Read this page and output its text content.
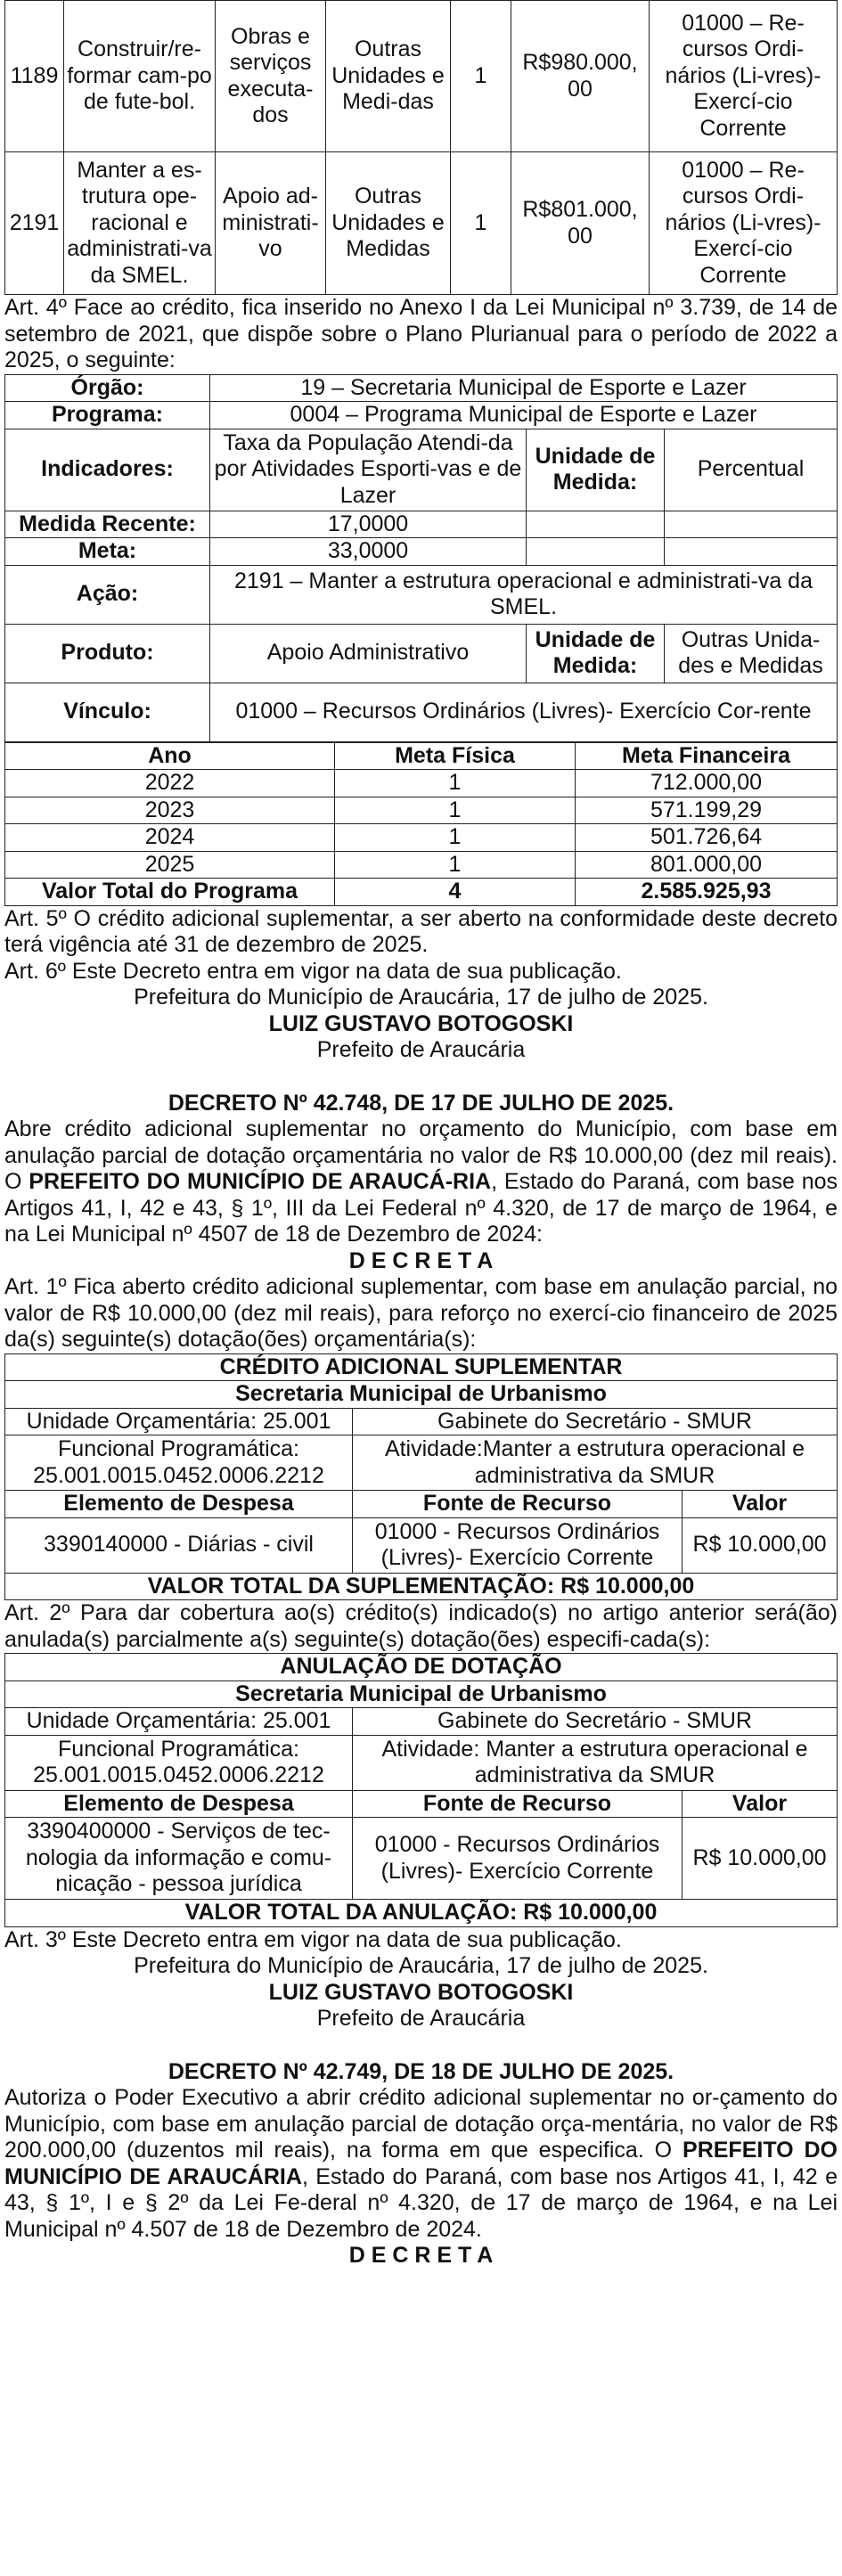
1189	Construir/re-formar cam-po de fute-bol.	Obras e serviços executa-dos	Outras Unidades e Medi-das	1	R$980.000, 00	01000 – Re-cursos Ordi-nários (Li-vres)-Exercí-cio Corrente
2191	Manter a es-trutura ope-racional e administrati-va da SMEL.	Apoio ad-ministrati-vo	Outras Unidades e Medidas	1	R$801.000, 00	01000 – Re-cursos Ordi-nários (Li-vres)-Exercí-cio Corrente

Art. 4º Face ao crédito, fica inserido no Anexo I da Lei Municipal nº 3.739, de 14 de setembro de 2021, que dispõe sobre o Plano Plurianual para o período de 2022 a 2025, o seguinte:

Órgão:	19 – Secretaria Municipal de Esporte e Lazer		
Programa:	0004 – Programa Municipal de Esporte e Lazer		
Indicadores:	Taxa da População Atendi-da por Atividades Esporti-vas e de Lazer	Unidade de Medida:	Percentual
Medida Recente:	17,0000		
Meta:	33,0000		
Ação:	2191 – Manter a estrutura operacional e administrati-va da SMEL.		
Produto:	Apoio Administrativo	Unidade de Medida:	Outras Unida-des e Medidas
Vínculo:	01000 – Recursos Ordinários (Livres)- Exercício Cor-rente		
Ano	Meta Física	Meta Financeira
2022	1	712.000,00
2023	1	571.199,29
2024	1	501.726,64
2025	1	801.000,00
Valor Total do Programa	4	2.585.925,93

Art. 5º O crédito adicional suplementar, a ser aberto na conformidade deste decreto terá vigência até 31 de dezembro de 2025.

Art. 6º Este Decreto entra em vigor na data de sua publicação.

Prefeitura do Município de Araucária, 17 de julho de 2025.

LUIZ GUSTAVO BOTOGOSKI

Prefeito de Araucária

DECRETO Nº 42.748, DE 17 DE JULHO DE 2025.

Abre crédito adicional suplementar no orçamento do Município, com base em anulação parcial de dotação orçamentária no valor de R$ 10.000,00 (dez mil reais). O PREFEITO DO MUNICÍPIO DE ARAUCÁ-RIA, Estado do Paraná, com base nos Artigos 41, I, 42 e 43, § 1º, III da Lei Federal nº 4.320, de 17 de março de 1964, e na Lei Municipal nº 4507 de 18 de Dezembro de 2024:

D E C R E T A

Art. 1º Fica aberto crédito adicional suplementar, com base em anulação parcial, no valor de R$ 10.000,00 (dez mil reais), para reforço no exercí-cio financeiro de 2025 da(s) seguinte(s) dotação(ões) orçamentária(s):

CRÉDITO ADICIONAL SUPLEMENTAR		
Secretaria Municipal de Urbanismo		
Unidade Orçamentária: 25.001	Gabinete do Secretário - SMUR	
Funcional Programática: 25.001.0015.0452.0006.2212	Atividade:Manter a estrutura operacional e administrativa da SMUR	
Elemento de Despesa	Fonte de Recurso	Valor
3390140000 - Diárias - civil	01000 - Recursos Ordinários (Livres)- Exercício Corrente	R$ 10.000,00
VALOR TOTAL DA SUPLEMENTAÇÃO: R$ 10.000,00		

Art. 2º Para dar cobertura ao(s) crédito(s) indicado(s) no artigo anterior será(ão) anulada(s) parcialmente a(s) seguinte(s) dotação(ões) especifi-cada(s):

ANULAÇÃO DE DOTAÇÃO		
Secretaria Municipal de Urbanismo		
Unidade Orçamentária: 25.001	Gabinete do Secretário - SMUR	
Funcional Programática: 25.001.0015.0452.0006.2212	Atividade: Manter a estrutura operacional e administrativa da SMUR	
Elemento de Despesa	Fonte de Recurso	Valor
3390400000 - Serviços de tec-nologia da informação e comu-nicação - pessoa jurídica	01000 - Recursos Ordinários (Livres)- Exercício Corrente	R$ 10.000,00
VALOR TOTAL DA ANULAÇÃO: R$ 10.000,00		

Art. 3º Este Decreto entra em vigor na data de sua publicação.

Prefeitura do Município de Araucária, 17 de julho de 2025.

LUIZ GUSTAVO BOTOGOSKI

Prefeito de Araucária

DECRETO Nº 42.749, DE 18 DE JULHO DE 2025.

Autoriza o Poder Executivo a abrir crédito adicional suplementar no or-çamento do Município, com base em anulação parcial de dotação orça-mentária, no valor de R$ 200.000,00 (duzentos mil reais), na forma em que especifica. O PREFEITO DO MUNICÍPIO DE ARAUCÁRIA, Estado do Paraná, com base nos Artigos 41, I, 42 e 43, § 1º, I e § 2º da Lei Fe-deral nº 4.320, de 17 de março de 1964, e na Lei Municipal nº 4.507 de 18 de Dezembro de 2024.

D E C R E T A
